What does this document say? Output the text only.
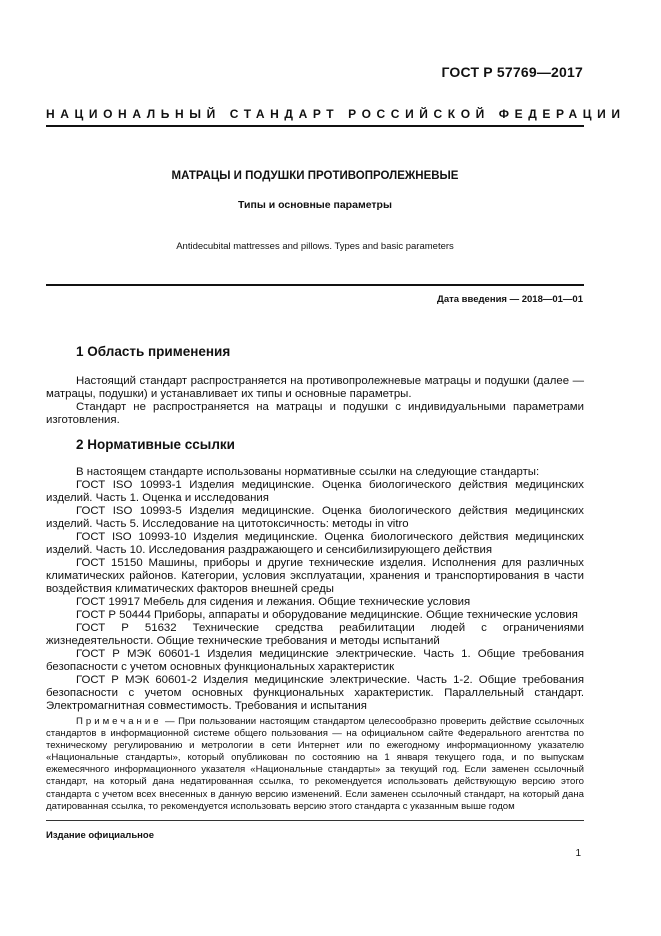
ГОСТ Р 57769—2017
НАЦИОНАЛЬНЫЙ СТАНДАРТ РОССИЙСКОЙ ФЕДЕРАЦИИ
МАТРАЦЫ И ПОДУШКИ ПРОТИВОПРОЛЕЖНЕВЫЕ
Типы и основные параметры
Antidecubital mattresses and pillows. Types and basic parameters
Дата введения — 2018—01—01
1 Область применения

Настоящий стандарт распространяется на противопролежневые матрацы и подушки (далее — матрацы, подушки) и устанавливает их типы и основные параметры.

Стандарт не распространяется на матрацы и подушки с индивидуальными параметрами изготовления.

2 Нормативные ссылки

В настоящем стандарте использованы нормативные ссылки на следующие стандарты:

ГОСТ ISO 10993-1 Изделия медицинские. Оценка биологического действия медицинских изделий. Часть 1. Оценка и исследования

ГОСТ ISO 10993-5 Изделия медицинские. Оценка биологического действия медицинских изделий. Часть 5. Исследование на цитотоксичность: методы in vitro

ГОСТ ISO 10993-10 Изделия медицинские. Оценка биологического действия медицинских изделий. Часть 10. Исследования раздражающего и сенсибилизирующего действия

ГОСТ 15150 Машины, приборы и другие технические изделия. Исполнения для различных климатических районов. Категории, условия эксплуатации, хранения и транспортирования в части воздействия климатических факторов внешней среды

ГОСТ 19917 Мебель для сидения и лежания. Общие технические условия

ГОСТ Р 50444 Приборы, аппараты и оборудование медицинские. Общие технические условия

ГОСТ Р 51632 Технические средства реабилитации людей с ограничениями жизнедеятельности. Общие технические требования и методы испытаний

ГОСТ Р МЭК 60601-1 Изделия медицинские электрические. Часть 1. Общие требования безопасности с учетом основных функциональных характеристик

ГОСТ Р МЭК 60601-2 Изделия медицинские электрические. Часть 1-2. Общие требования безопасности с учетом основных функциональных характеристик. Параллельный стандарт. Электромагнитная совместимость. Требования и испытания

Примечание — При пользовании настоящим стандартом целесообразно проверить действие ссылочных стандартов в информационной системе общего пользования — на официальном сайте Федерального агентства по техническому регулированию и метрологии в сети Интернет или по ежегодному информационному указателю «Национальные стандарты», который опубликован по состоянию на 1 января текущего года, и по выпускам ежемесячного информационного указателя «Национальные стандарты» за текущий год. Если заменен ссылочный стандарт, на который дана недатированная ссылка, то рекомендуется использовать действующую версию этого стандарта с учетом всех внесенных в данную версию изменений. Если заменен ссылочный стандарт, на который дана датированная ссылка, то рекомендуется использовать версию этого стандарта с указанным выше годом
Издание официальное
1
